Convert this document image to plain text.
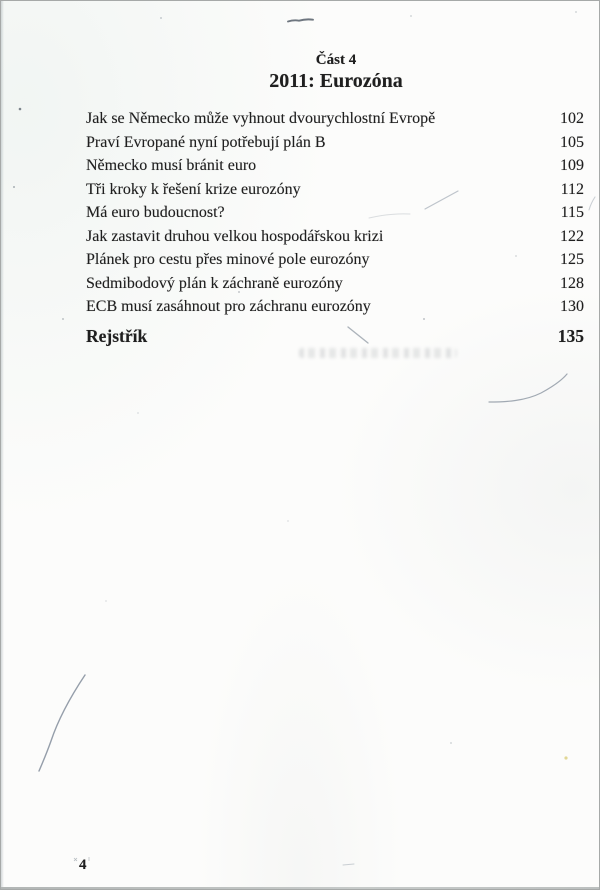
Část 4
2011: Eurozóna
Jak se Německo může vyhnout dvourychlostní Evropě	102
Praví Evropané nyní potřebují plán B	105
Německo musí bránit euro	109
Tři kroky k řešení krize eurozóny	112
Má euro budoucnost?	115
Jak zastavit druhou velkou hospodářskou krizi	122
Plánek pro cestu přes minové pole eurozóny	125
Sedmibodový plán k záchraně eurozóny	128
ECB musí zasáhnout pro záchranu eurozóny	130
Rejstřík	135
4
